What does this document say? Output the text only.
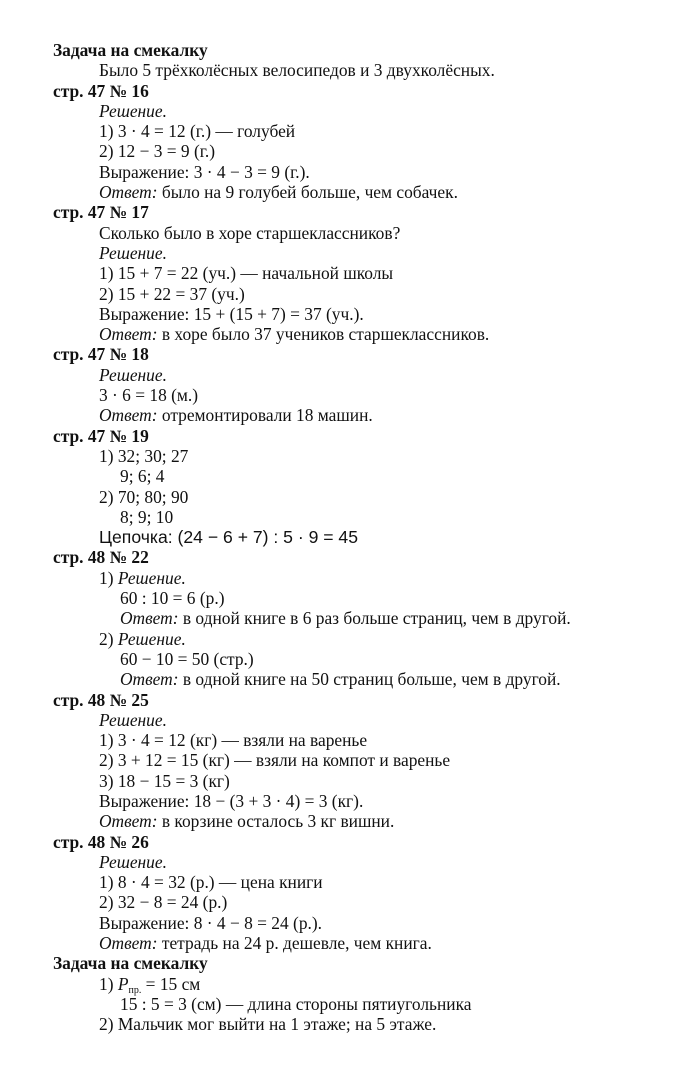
Задача на смекалку
Было 5 трёхколёсных велосипедов и 3 двухколёсных.
стр. 47 № 16
Решение.
1) 3 · 4 = 12 (г.) — голубей
2) 12 − 3 = 9 (г.)
Выражение: 3 · 4 − 3 = 9 (г.).
Ответ: было на 9 голубей больше, чем собачек.
стр. 47 № 17
Сколько было в хоре старшеклассников?
Решение.
1) 15 + 7 = 22 (уч.) — начальной школы
2) 15 + 22 = 37 (уч.)
Выражение: 15 + (15 + 7) = 37 (уч.).
Ответ: в хоре было 37 учеников старшеклассников.
стр. 47 № 18
Решение.
3 · 6 = 18 (м.)
Ответ: отремонтировали 18 машин.
стр. 47 № 19
1) 32; 30; 27
9; 6; 4
2) 70; 80; 90
8; 9; 10
Цепочка: (24 − 6 + 7) : 5 · 9 = 45
стр. 48 № 22
1) Решение.
60 : 10 = 6 (р.)
Ответ: в одной книге в 6 раз больше страниц, чем в другой.
2) Решение.
60 − 10 = 50 (стр.)
Ответ: в одной книге на 50 страниц больше, чем в другой.
стр. 48 № 25
Решение.
1) 3 · 4 = 12 (кг) — взяли на варенье
2) 3 + 12 = 15 (кг) — взяли на компот и варенье
3) 18 − 15 = 3 (кг)
Выражение: 18 − (3 + 3 · 4) = 3 (кг).
Ответ: в корзине осталось 3 кг вишни.
стр. 48 № 26
Решение.
1) 8 · 4 = 32 (р.) — цена книги
2) 32 − 8 = 24 (р.)
Выражение: 8 · 4 − 8 = 24 (р.).
Ответ: тетрадь на 24 р. дешевле, чем книга.
Задача на смекалку
1) $P_{пр.} = 15$ см
15 : 5 = 3 (см) — длина стороны пятиугольника
2) Мальчик мог выйти на 1 этаже; на 5 этаже.
